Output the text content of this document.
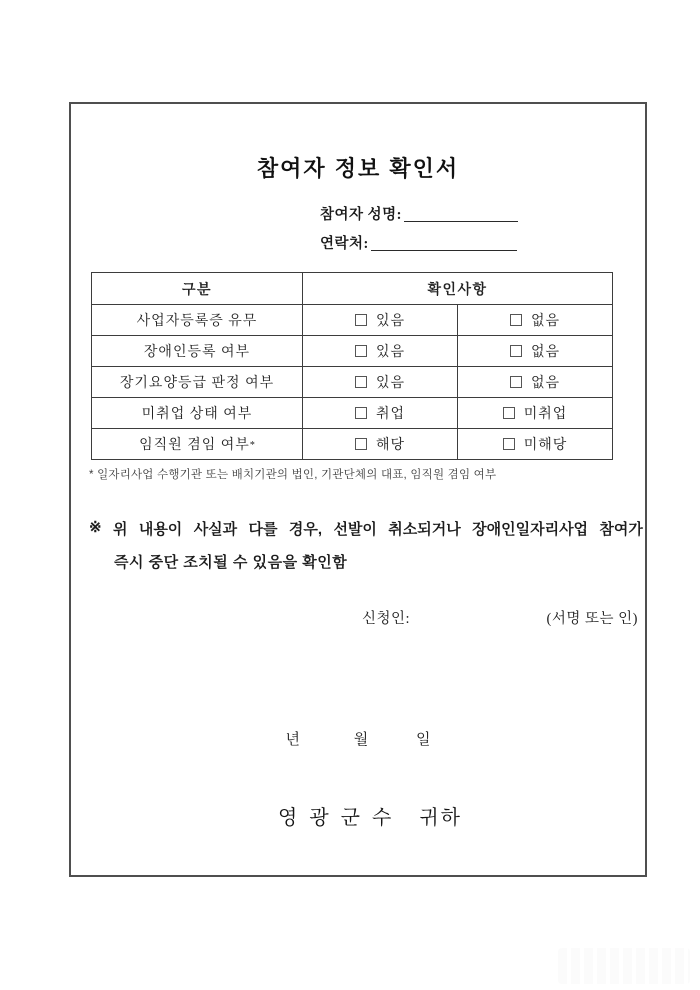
참여자 정보 확인서
참여자 성명:
연락처:
구분	확인사항	
사업자등록증 유무	있음	없음
장애인등록 여부	있음	없음
장기요양등급 판정 여부	있음	없음
미취업 상태 여부	취업	미취업
임직원 겸임 여부*	해당	미해당
* 일자리사업 수행기관 또는 배치기관의 법인, 기관단체의 대표, 임직원 겸임 여부
※ 위 내용이 사실과 다를 경우, 선발이 취소되거나 장애인일자리사업 참여가
즉시 중단 조치될 수 있음을 확인함
신청인:	(서명 또는 인)
년	월	일
영 광 군 수 귀하
